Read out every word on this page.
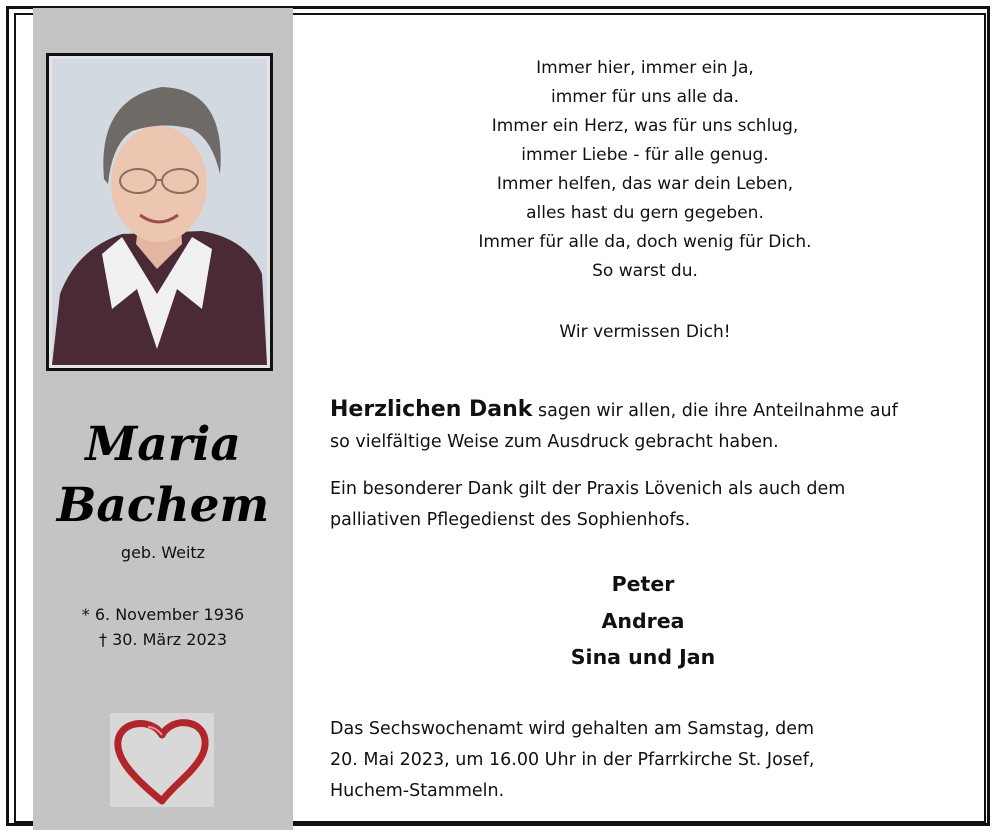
Maria
Bachem
geb. Weitz
* 6. November 1936
† 30. März 2023
Immer hier, immer ein Ja,
immer für uns alle da.
Immer ein Herz, was für uns schlug,
immer Liebe - für alle genug.
Immer helfen, das war dein Leben,
alles hast du gern gegeben.
Immer für alle da, doch wenig für Dich.
So warst du.
Wir vermissen Dich!
Herzlichen Dank sagen wir allen, die ihre Anteilnahme auf
so vielfältige Weise zum Ausdruck gebracht haben.
Ein besonderer Dank gilt der Praxis Lövenich als auch dem
palliativen Pflegedienst des Sophienhofs.
Peter
Andrea
Sina und Jan
Das Sechswochenamt wird gehalten am Samstag, dem
20. Mai 2023, um 16.00 Uhr in der Pfarrkirche St. Josef,
Huchem-Stammeln.
